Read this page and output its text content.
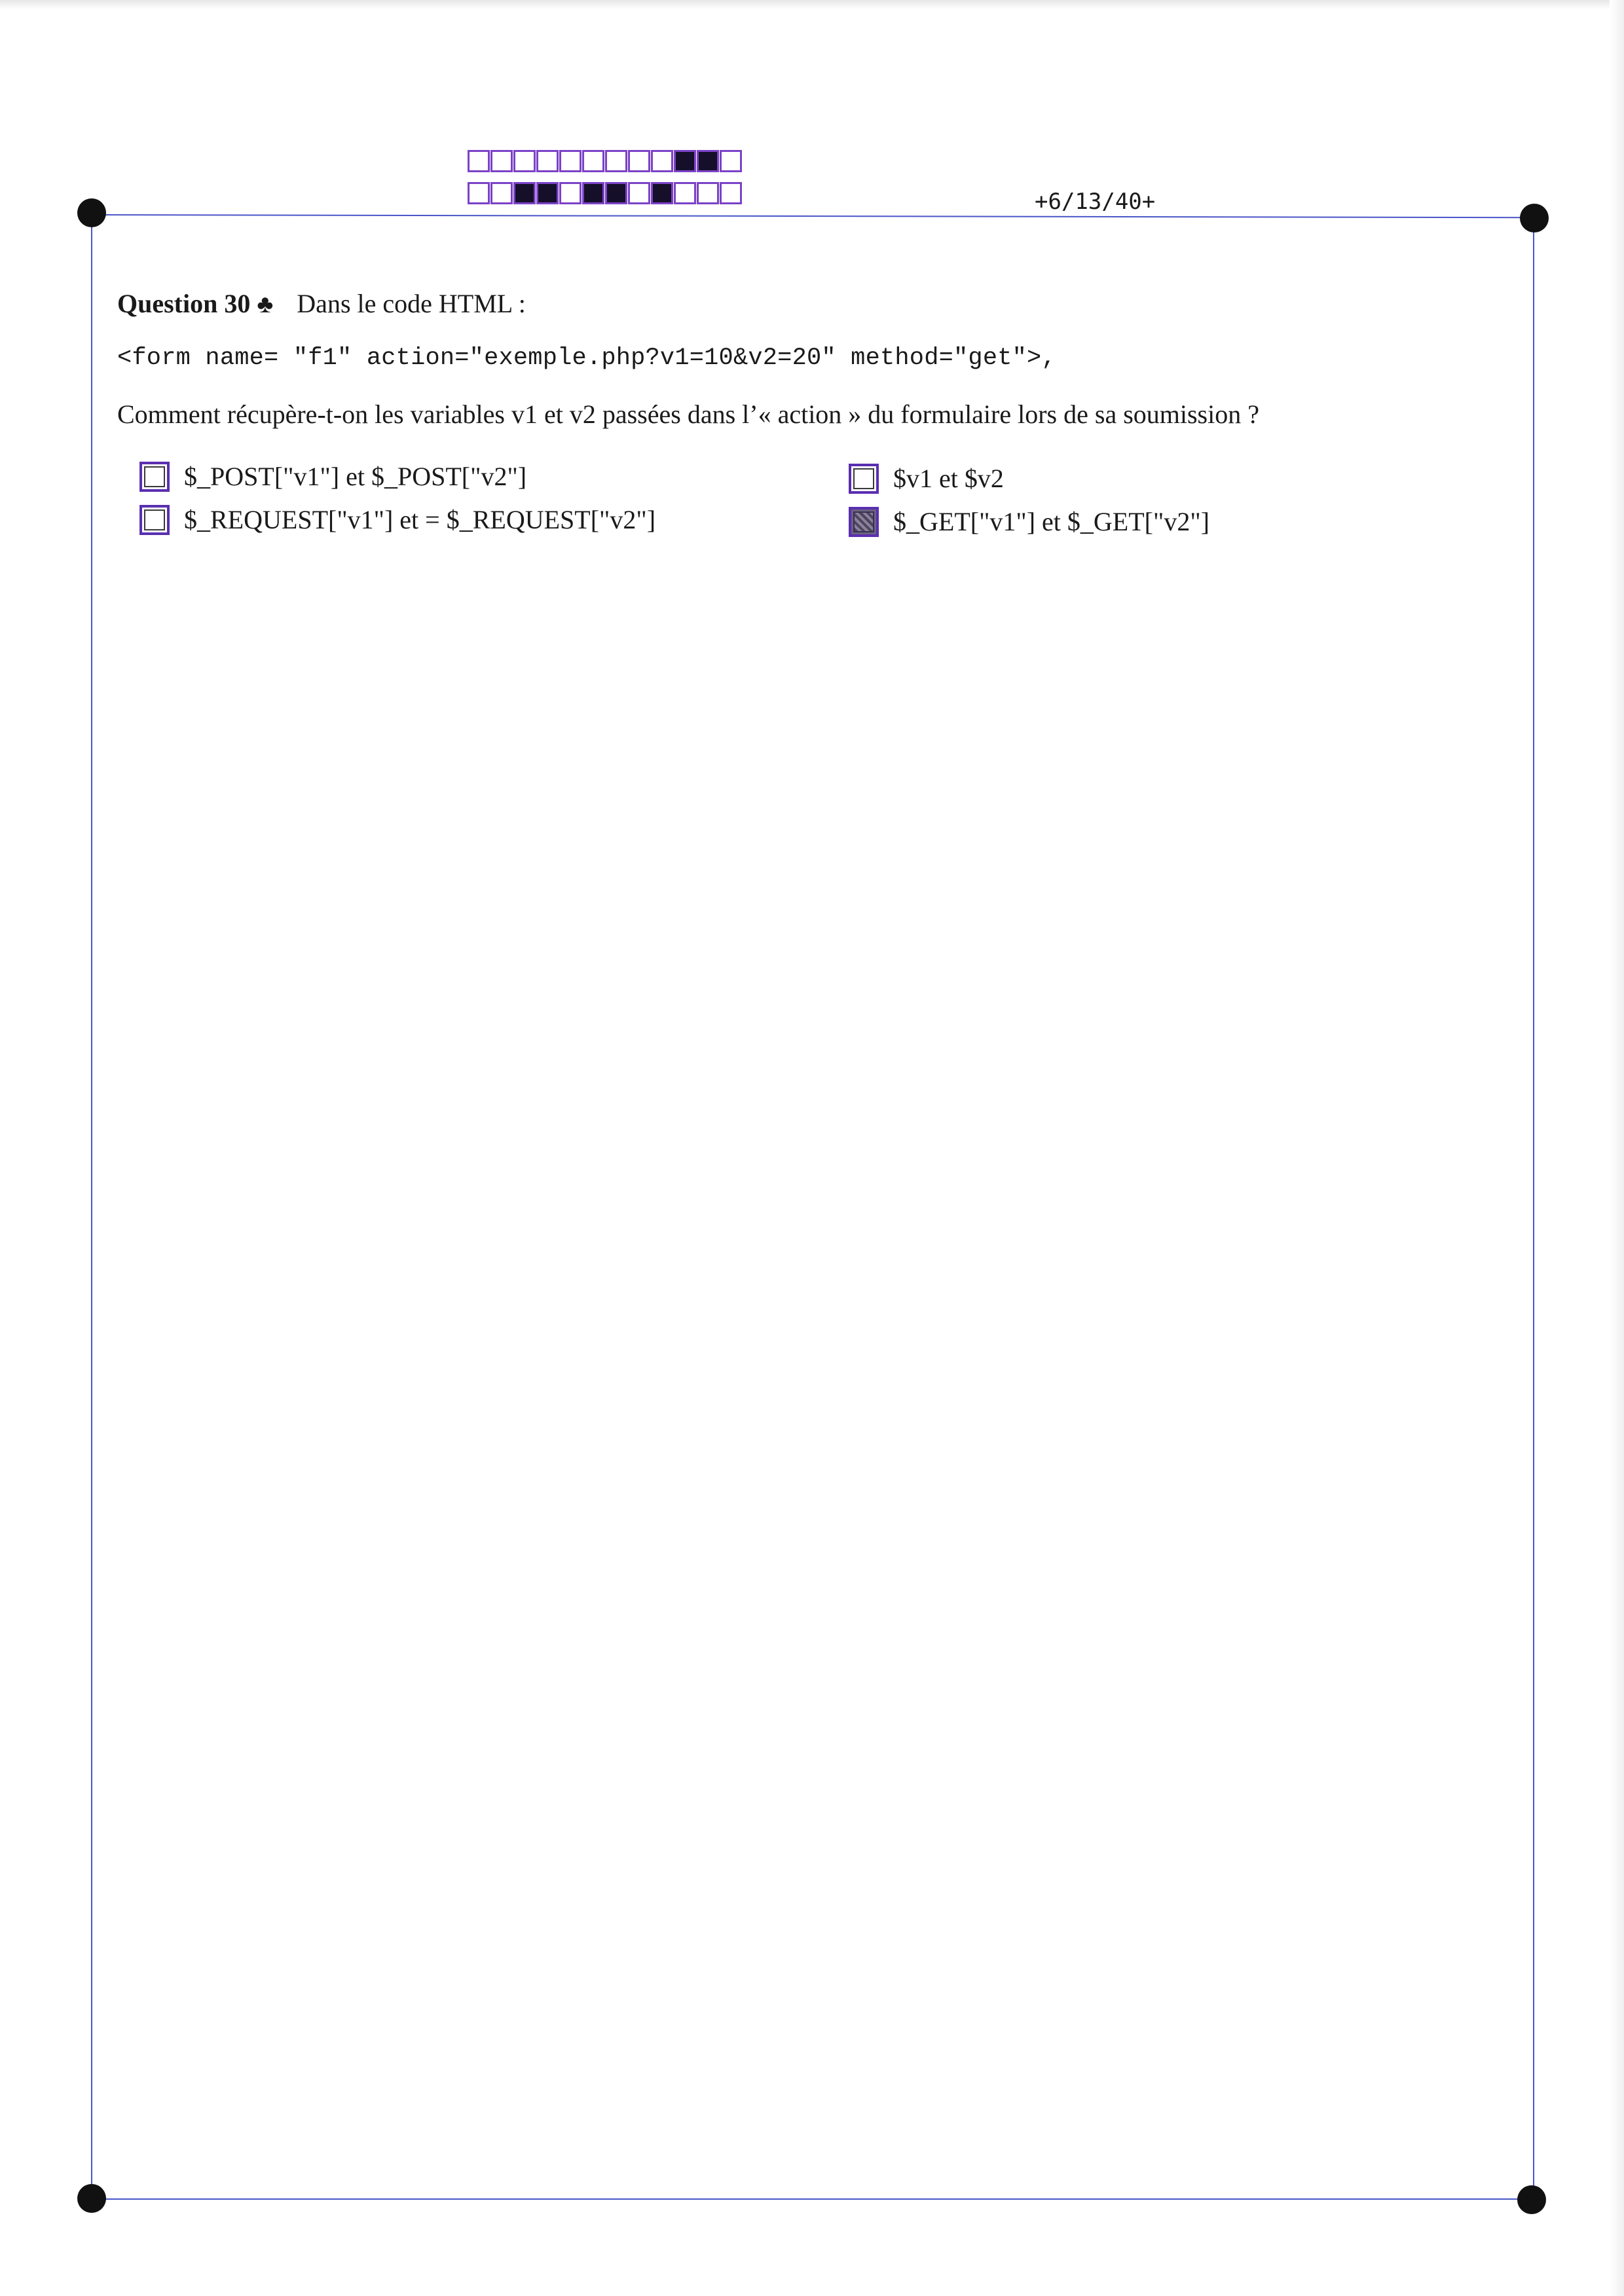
+6/13/40+
Question 30 ♣ Dans le code HTML :
<form name= "f1" action="exemple.php?v1=10&v2=20" method="get">,
Comment récupère-t-on les variables v1 et v2 passées dans l’« action » du formulaire lors de sa soumission ?
$_POST["v1"] et $_POST["v2"]
$_REQUEST["v1"] et = $_REQUEST["v2"]
$v1 et $v2
$_GET["v1"] et $_GET["v2"]
